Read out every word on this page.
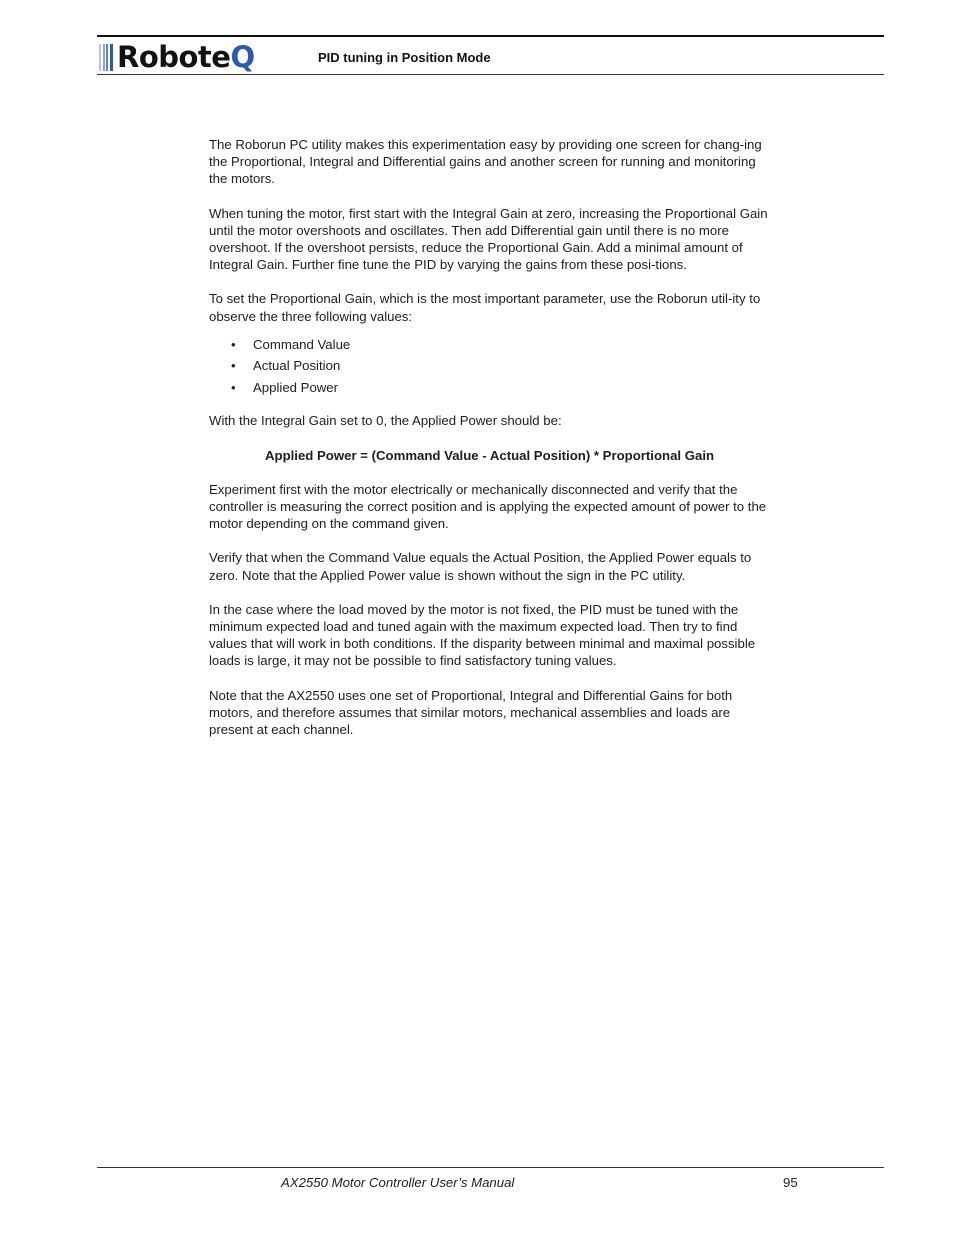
RoboteQ	PID tuning in Position Mode

The Roborun PC utility makes this experimentation easy by providing one screen for chang-ing the Proportional, Integral and Differential gains and another screen for running and monitoring the motors.

When tuning the motor, first start with the Integral Gain at zero, increasing the Proportional Gain until the motor overshoots and oscillates. Then add Differential gain until there is no more overshoot. If the overshoot persists, reduce the Proportional Gain. Add a minimal amount of Integral Gain. Further fine tune the PID by varying the gains from these posi-tions.

To set the Proportional Gain, which is the most important parameter, use the Roborun util-ity to observe the three following values:

• Command Value
• Actual Position
• Applied Power

With the Integral Gain set to 0, the Applied Power should be:

Applied Power = (Command Value - Actual Position) * Proportional Gain

Experiment first with the motor electrically or mechanically disconnected and verify that the controller is measuring the correct position and is applying the expected amount of power to the motor depending on the command given.

Verify that when the Command Value equals the Actual Position, the Applied Power equals to zero. Note that the Applied Power value is shown without the sign in the PC utility.

In the case where the load moved by the motor is not fixed, the PID must be tuned with the minimum expected load and tuned again with the maximum expected load. Then try to find values that will work in both conditions. If the disparity between minimal and maximal possible loads is large, it may not be possible to find satisfactory tuning values.

Note that the AX2550 uses one set of Proportional, Integral and Differential Gains for both motors, and therefore assumes that similar motors, mechanical assemblies and loads are present at each channel.

AX2550 Motor Controller User’s Manual	95
